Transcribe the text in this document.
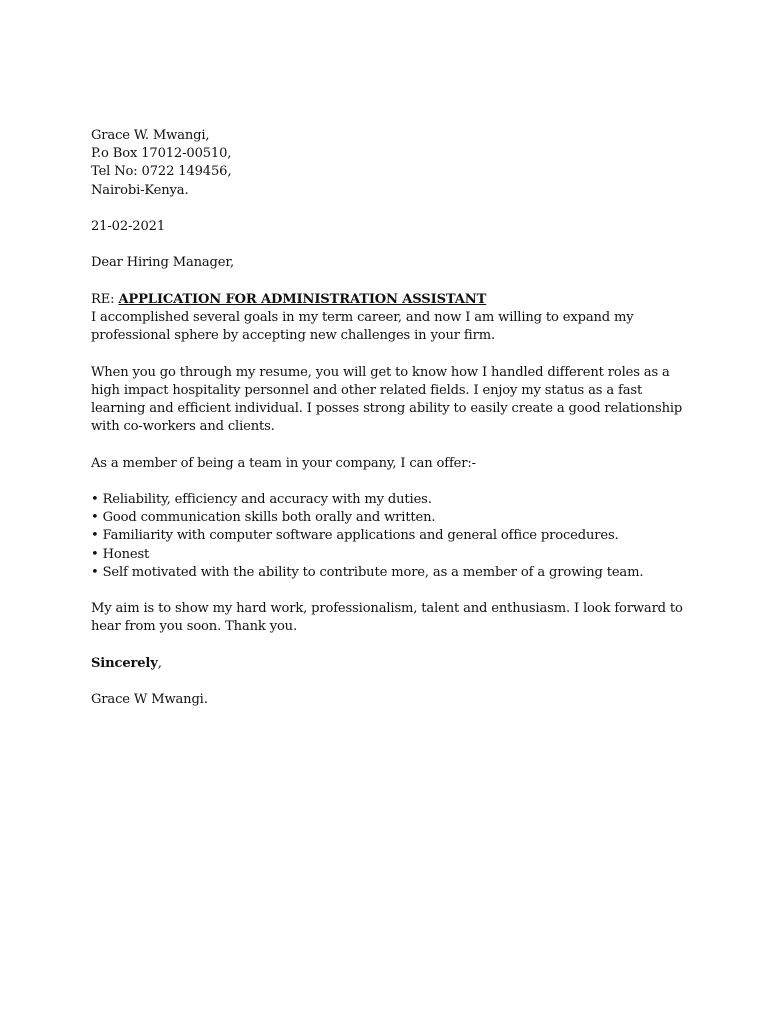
Grace W. Mwangi,
P.o Box 17012-00510,
Tel No: 0722 149456,
Nairobi-Kenya.
21-02-2021
Dear Hiring Manager,
RE: APPLICATION FOR ADMINISTRATION ASSISTANT
I accomplished several goals in my term career, and now I am willing to expand my
professional sphere by accepting new challenges in your firm.
When you go through my resume, you will get to know how I handled different roles as a
high impact hospitality personnel and other related fields. I enjoy my status as a fast
learning and efficient individual. I posses strong ability to easily create a good relationship
with co-workers and clients.
As a member of being a team in your company, I can offer:-
• Reliability, efficiency and accuracy with my duties.
• Good communication skills both orally and written.
• Familiarity with computer software applications and general office procedures.
• Honest
• Self motivated with the ability to contribute more, as a member of a growing team.
My aim is to show my hard work, professionalism, talent and enthusiasm. I look forward to
hear from you soon. Thank you.
Sincerely,
Grace W Mwangi.
